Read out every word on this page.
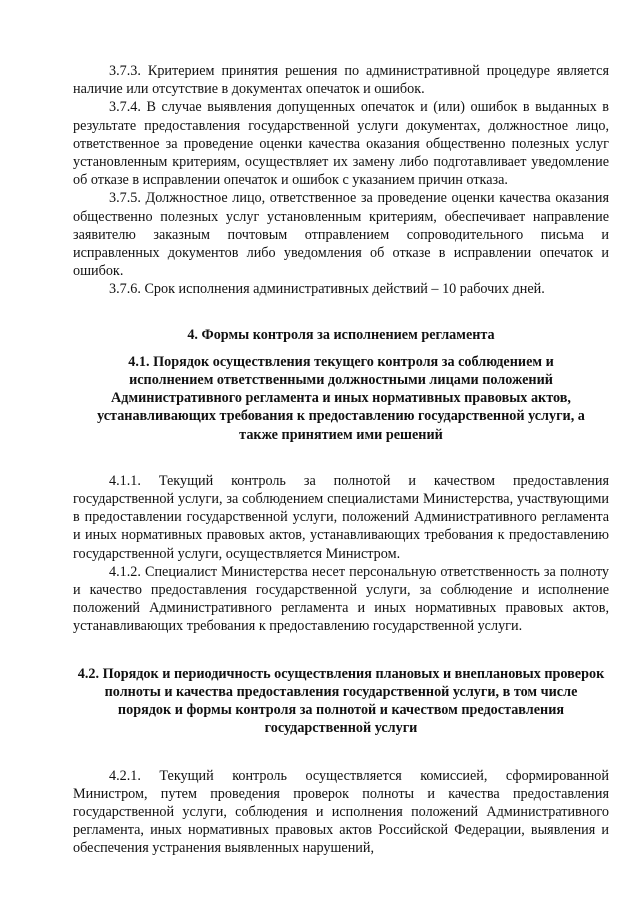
3.7.3. Критерием принятия решения по административной процедуре является наличие или отсутствие в документах опечаток и ошибок.

3.7.4. В случае выявления допущенных опечаток и (или) ошибок в выданных в результате предоставления государственной услуги документах, должностное лицо, ответственное за проведение оценки качества оказания общественно полезных услуг установленным критериям, осуществляет их замену либо подготавливает уведомление об отказе в исправлении опечаток и ошибок с указанием причин отказа.

3.7.5. Должностное лицо, ответственное за проведение оценки качества оказания общественно полезных услуг установленным критериям, обеспечивает направление заявителю заказным почтовым отправлением сопроводительного письма и исправленных документов либо уведомления об отказе в исправлении опечаток и ошибок.

3.7.6. Срок исполнения административных действий – 10 рабочих дней.

4. Формы контроля за исполнением регламента

4.1. Порядок осуществления текущего контроля за соблюдением и исполнением ответственными должностными лицами положений Административного регламента и иных нормативных правовых актов, устанавливающих требования к предоставлению государственной услуги, а также принятием ими решений

4.1.1. Текущий контроль за полнотой и качеством предоставления государственной услуги, за соблюдением специалистами Министерства, участвующими в предоставлении государственной услуги, положений Административного регламента и иных нормативных правовых актов, устанавливающих требования к предоставлению государственной услуги, осуществляется Министром.

4.1.2. Специалист Министерства несет персональную ответственность за полноту и качество предоставления государственной услуги, за соблюдение и исполнение положений Административного регламента и иных нормативных правовых актов, устанавливающих требования к предоставлению государственной услуги.

4.2. Порядок и периодичность осуществления плановых и внеплановых проверок полноты и качества предоставления государственной услуги, в том числе порядок и формы контроля за полнотой и качеством предоставления государственной услуги

4.2.1. Текущий контроль осуществляется комиссией, сформированной Министром, путем проведения проверок полноты и качества предоставления государственной услуги, соблюдения и исполнения положений Административного регламента, иных нормативных правовых актов Российской Федерации, выявления и обеспечения устранения выявленных нарушений,
